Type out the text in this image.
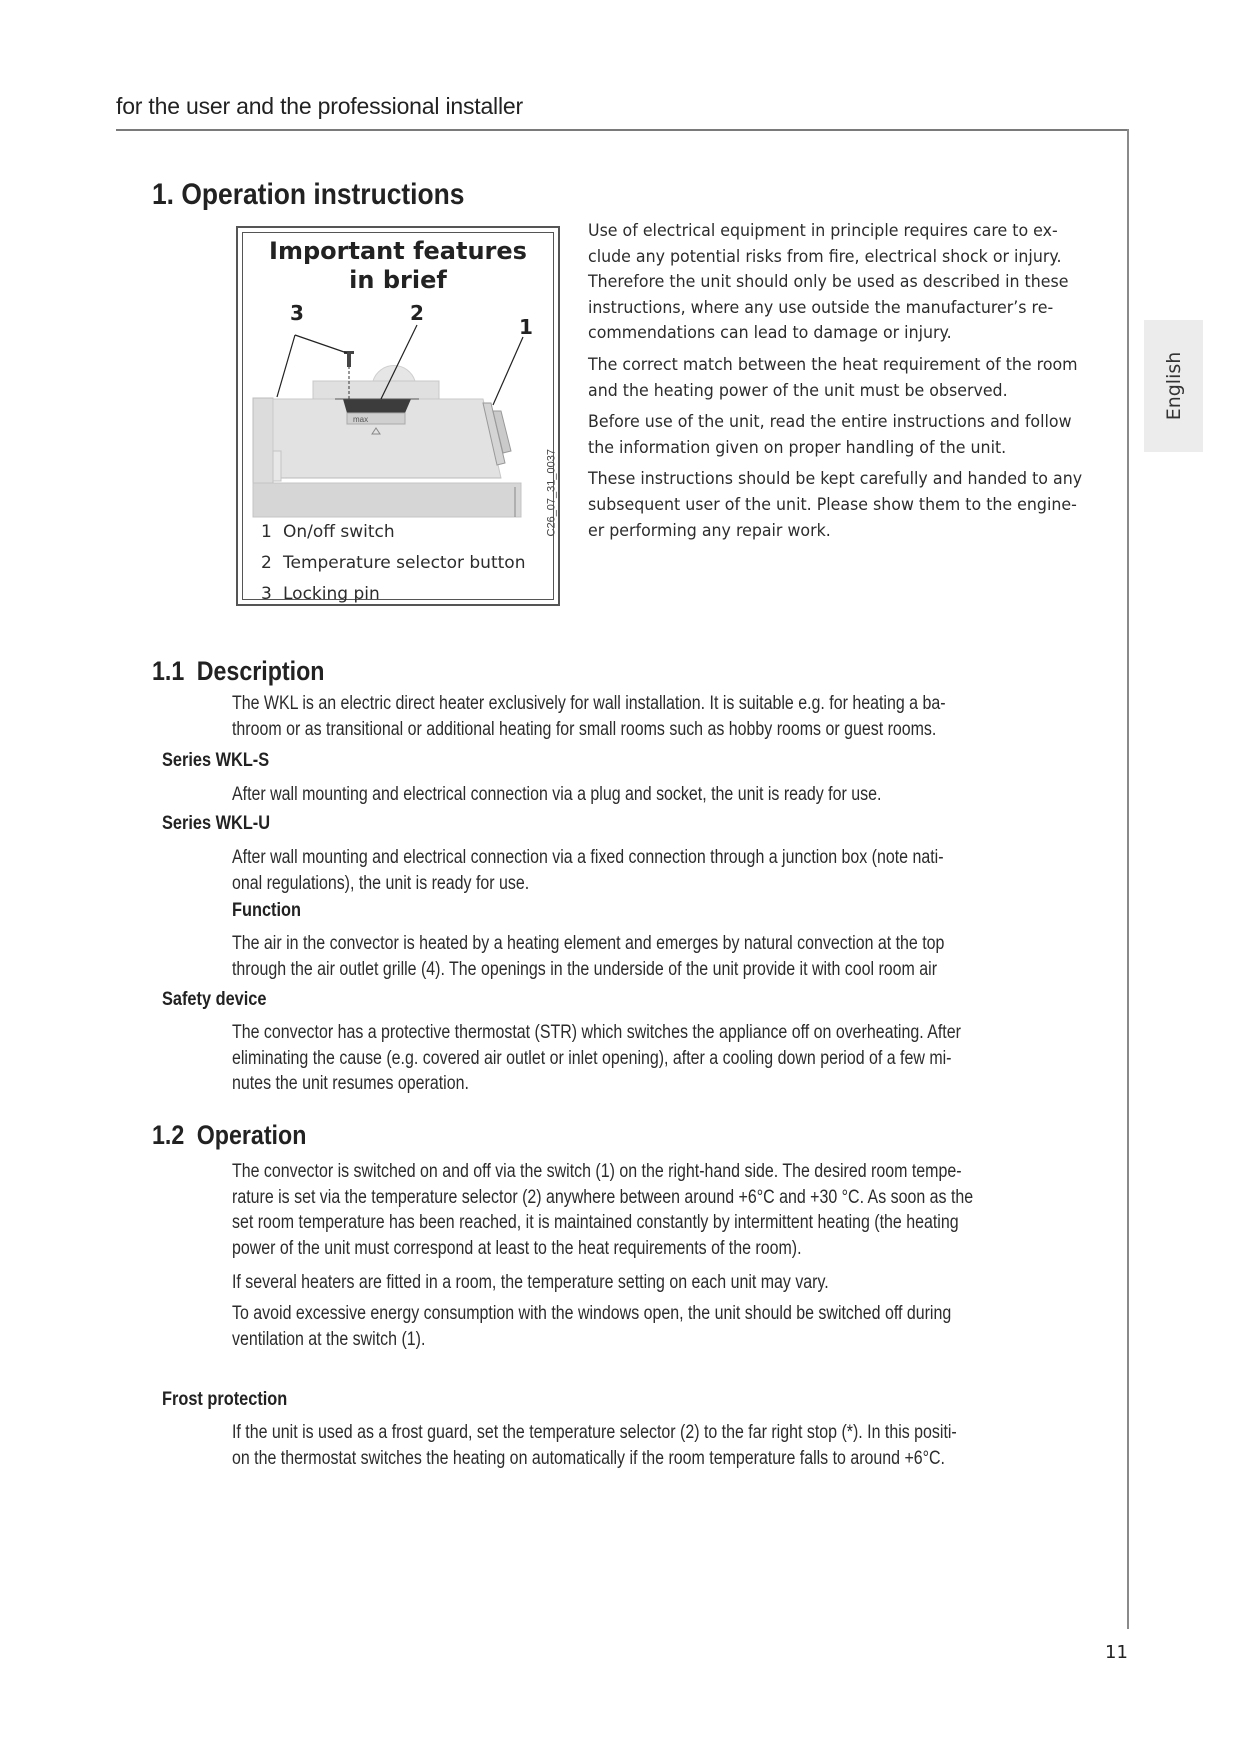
for the user and the professional installer
English
11
1. Operation instructions
Important features
in brief
max
3	2
1
C26_07_31_0037
1 On/off switch
2 Temperature selector button
3 Locking pin

Use of electrical equipment in principle requires care to ex-
clude any potential risks from fire, electrical shock or injury.
Therefore the unit should only be used as described in these
instructions, where any use outside the manufacturer’s re-
commendations can lead to damage or injury.

The correct match between the heat requirement of the room
and the heating power of the unit must be observed.

Before use of the unit, read the entire instructions and follow
the information given on proper handling of the unit.

These instructions should be kept carefully and handed to any
subsequent user of the unit. Please show them to the engine-
er performing any repair work.

1.1 Description
The WKL is an electric direct heater exclusively for wall installation. It is suitable e.g. for heating a ba-
throom or as transitional or additional heating for small rooms such as hobby rooms or guest rooms.
Series WKL-S
After wall mounting and electrical connection via a plug and socket, the unit is ready for use.
Series WKL-U
After wall mounting and electrical connection via a fixed connection through a junction box (note nati-
onal regulations), the unit is ready for use.
Function
The air in the convector is heated by a heating element and emerges by natural convection at the top
through the air outlet grille (4). The openings in the underside of the unit provide it with cool room air
Safety device
The convector has a protective thermostat (STR) which switches the appliance off on overheating. After
eliminating the cause (e.g. covered air outlet or inlet opening), after a cooling down period of a few mi-
nutes the unit resumes operation.
1.2 Operation
The convector is switched on and off via the switch (1) on the right-hand side. The desired room tempe-
rature is set via the temperature selector (2) anywhere between around +6°C and +30 °C. As soon as the
set room temperature has been reached, it is maintained constantly by intermittent heating (the heating
power of the unit must correspond at least to the heat requirements of the room).
If several heaters are fitted in a room, the temperature setting on each unit may vary.
To avoid excessive energy consumption with the windows open, the unit should be switched off during
ventilation at the switch (1).
Frost protection
If the unit is used as a frost guard, set the temperature selector (2) to the far right stop (*). In this positi-
on the thermostat switches the heating on automatically if the room temperature falls to around +6°C.
